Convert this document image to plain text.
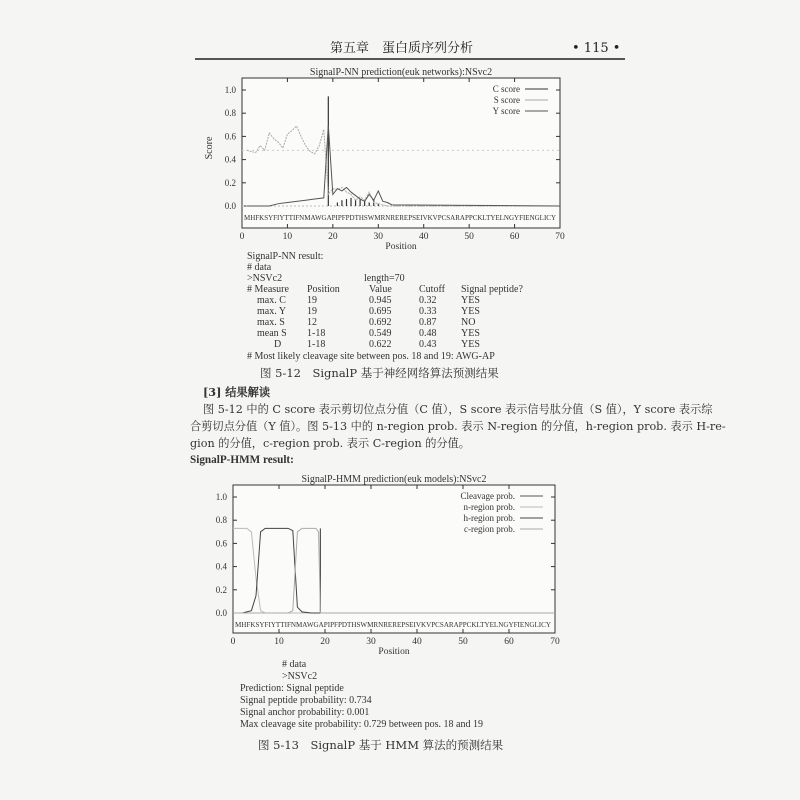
第五章　蛋白质序列分析	• 115 •
SignalP-NN prediction(euk networks):NSvc2
0.0
0.2
0.4
0.6
0.8
1.0
0	10	20	30	40	50	60	70
Position
Score
MHFKSYFIYTTIFNMAWGAPIPFPDTHSWMRNREREPSEIVKVPCSARAPPCKLTYELNGYFIENGLICY
C score
S score
Y score
SignalP-NN result:
# data
>NSVc2	length=70
# Measure	Position	Value	Cutoff	Signal peptide?
max. C	19	0.945	0.32	YES
max. Y	19	0.695	0.33	YES
max. S	12	0.692	0.87	NO
mean S	1-18	0.549	0.48	YES
D	1-18	0.622	0.43	YES
# Most likely cleavage site between pos. 18 and 19: AWG-AP
图 5-12　SignalP 基于神经网络算法预测结果
[3] 结果解读
图 5-12 中的 C score 表示剪切位点分值（C 值），S score 表示信号肽分值（S 值），Y score 表示综
合剪切点分值（Y 值）。图 5-13 中的 n-region prob. 表示 N-region 的分值，h-region prob. 表示 H-re-
gion 的分值，c-region prob. 表示 C-region 的分值。
SignalP-HMM result:
SignalP-HMM prediction(euk models):NSvc2
0.0
0.2
0.4
0.6
0.8
1.0
0	10	20	30	40	50	60	70
Position
MHFKSYFIYTTIFNMAWGAPIPFPDTHSWMRNREREPSEIVKVPCSARAPPCKLTYELNGYFIENGLICY
Cleavage prob.
n-region prob.
h-region prob.
c-region prob.
# data
>NSVc2
Prediction: Signal peptide
Signal peptide probability: 0.734
Signal anchor probability: 0.001
Max cleavage site probability: 0.729 between pos. 18 and 19
图 5-13　SignalP 基于 HMM 算法的预测结果
